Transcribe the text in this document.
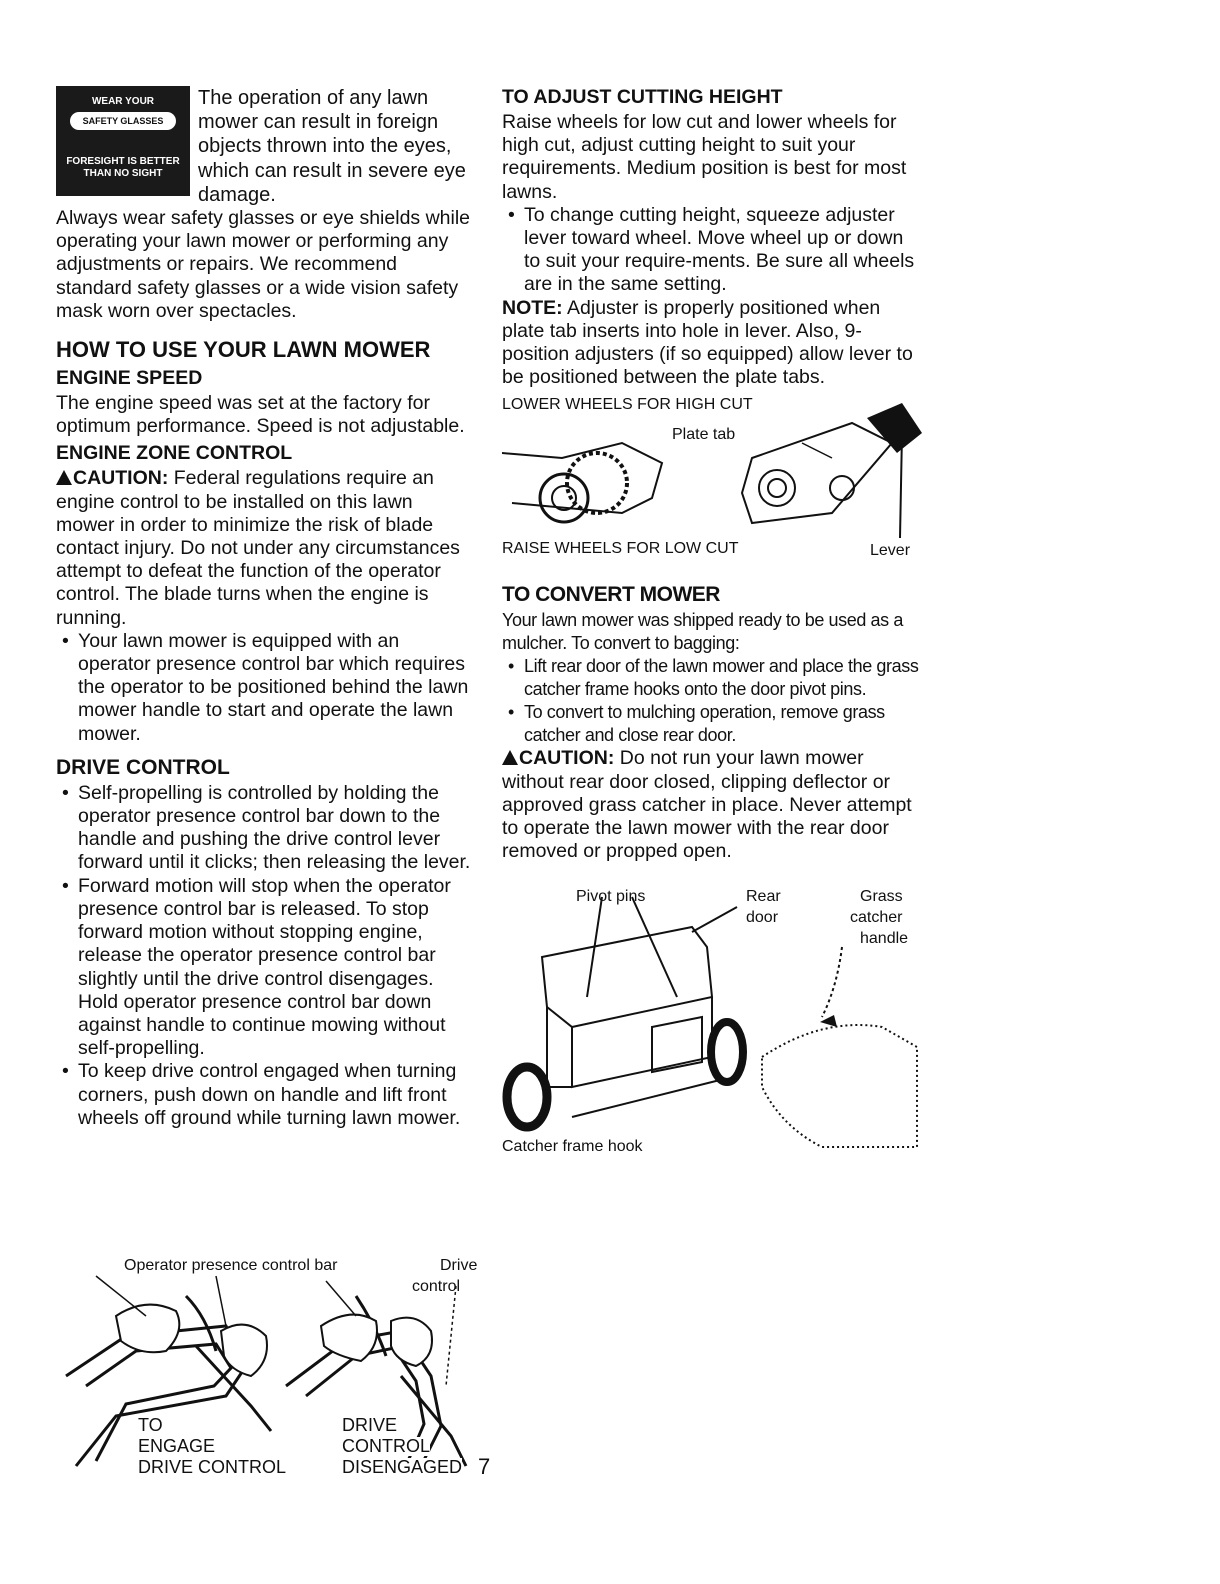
WEAR YOUR
SAFETY GLASSES
FORESIGHT IS BETTER THAN NO SIGHT

The operation of any lawn mower can result in foreign objects thrown into the eyes, which can result in severe eye damage.

Always wear safety glasses or eye shields while operating your lawn mower or performing any adjustments or repairs. We recommend standard safety glasses or a wide vision safety mask worn over spectacles.

HOW TO USE YOUR LAWN MOWER
ENGINE SPEED

The engine speed was set at the factory for optimum performance. Speed is not adjustable.

ENGINE ZONE CONTROL

CAUTION: Federal regulations require an engine control to be installed on this lawn mower in order to minimize the risk of blade contact injury. Do not under any circumstances attempt to defeat the function of the operator control. The blade turns when the engine is running.

• Your lawn mower is equipped with an operator presence control bar which requires the operator to be positioned behind the lawn mower handle to start and operate the lawn mower.
DRIVE CONTROL
• Self-propelling is controlled by holding the operator presence control bar down to the handle and pushing the drive control lever forward until it clicks; then releasing the lever.
• Forward motion will stop when the operator presence control bar is released. To stop forward motion without stopping engine, release the operator presence control bar slightly until the drive control disengages. Hold operator presence control bar down against handle to continue mowing without self-propelling.
• To keep drive control engaged when turning corners, push down on handle and lift front wheels off ground while turning lawn mower.
Operator presence control bar	Drive
control
TO
ENGAGE
DRIVE CONTROL
DRIVE
CONTROL
DISENGAGED
TO ADJUST CUTTING HEIGHT

Raise wheels for low cut and lower wheels for high cut, adjust cutting height to suit your requirements. Medium position is best for most lawns.

• To change cutting height, squeeze adjuster lever toward wheel. Move wheel up or down to suit your require-ments. Be sure all wheels are in the same setting.

NOTE: Adjuster is properly positioned when plate tab inserts into hole in lever. Also, 9-position adjusters (if so equipped) allow lever to be positioned between the plate tabs.

LOWER WHEELS FOR HIGH CUT
Plate tab
RAISE WHEELS FOR LOW CUT	Lever
TO CONVERT MOWER

Your lawn mower was shipped ready to be used as a mulcher. To convert to bagging:

• Lift rear door of the lawn mower and place the grass catcher frame hooks onto the door pivot pins.
• To convert to mulching operation, remove grass catcher and close rear door.

CAUTION: Do not run your lawn mower without rear door closed, clipping deflector or approved grass catcher in place. Never attempt to operate the lawn mower with the rear door removed or propped open.

Pivot pins	Rear
door
Grass
catcher
handle
Catcher frame hook
7
